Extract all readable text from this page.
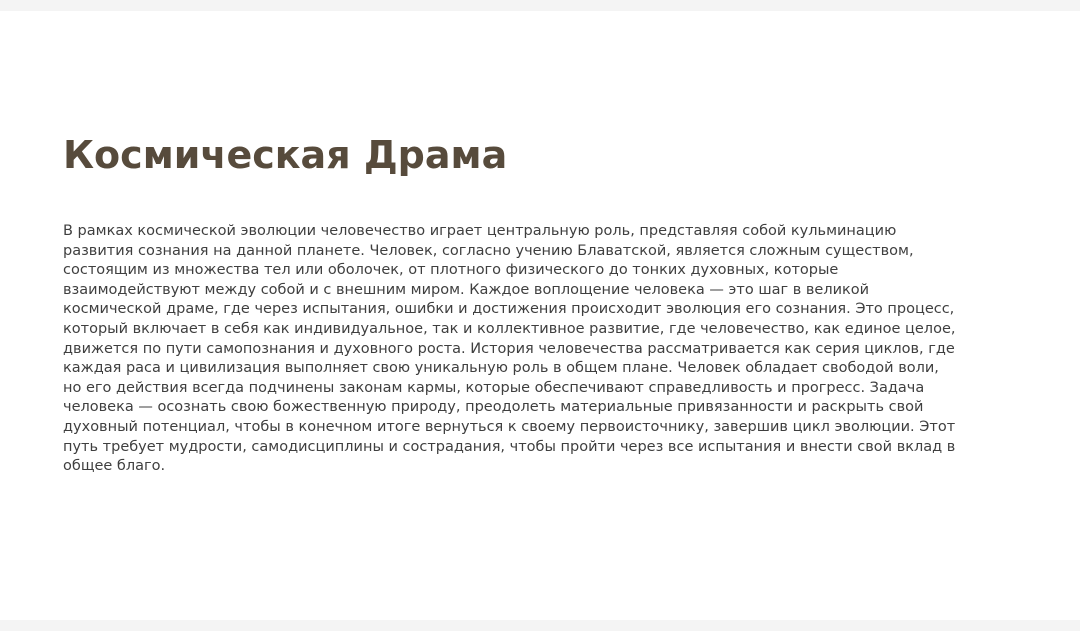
Космическая Драма

В рамках космической эволюции человечество играет центральную роль, представляя собой кульминацию развития сознания на данной планете. Человек, согласно учению Блаватской, является сложным существом, состоящим из множества тел или оболочек, от плотного физического до тонких духовных, которые взаимодействуют между собой и с внешним миром. Каждое воплощение человека — это шаг в великой космической драме, где через испытания, ошибки и достижения происходит эволюция его сознания. Это процесс, который включает в себя как индивидуальное, так и коллективное развитие, где человечество, как единое целое, движется по пути самопознания и духовного роста. История человечества рассматривается как серия циклов, где каждая раса и цивилизация выполняет свою уникальную роль в общем плане. Человек обладает свободой воли, но его действия всегда подчинены законам кармы, которые обеспечивают справедливость и прогресс. Задача человека — осознать свою божественную природу, преодолеть материальные привязанности и раскрыть свой духовный потенциал, чтобы в конечном итоге вернуться к своему первоисточнику, завершив цикл эволюции. Этот путь требует мудрости, самодисциплины и сострадания, чтобы пройти через все испытания и внести свой вклад в общее благо.
